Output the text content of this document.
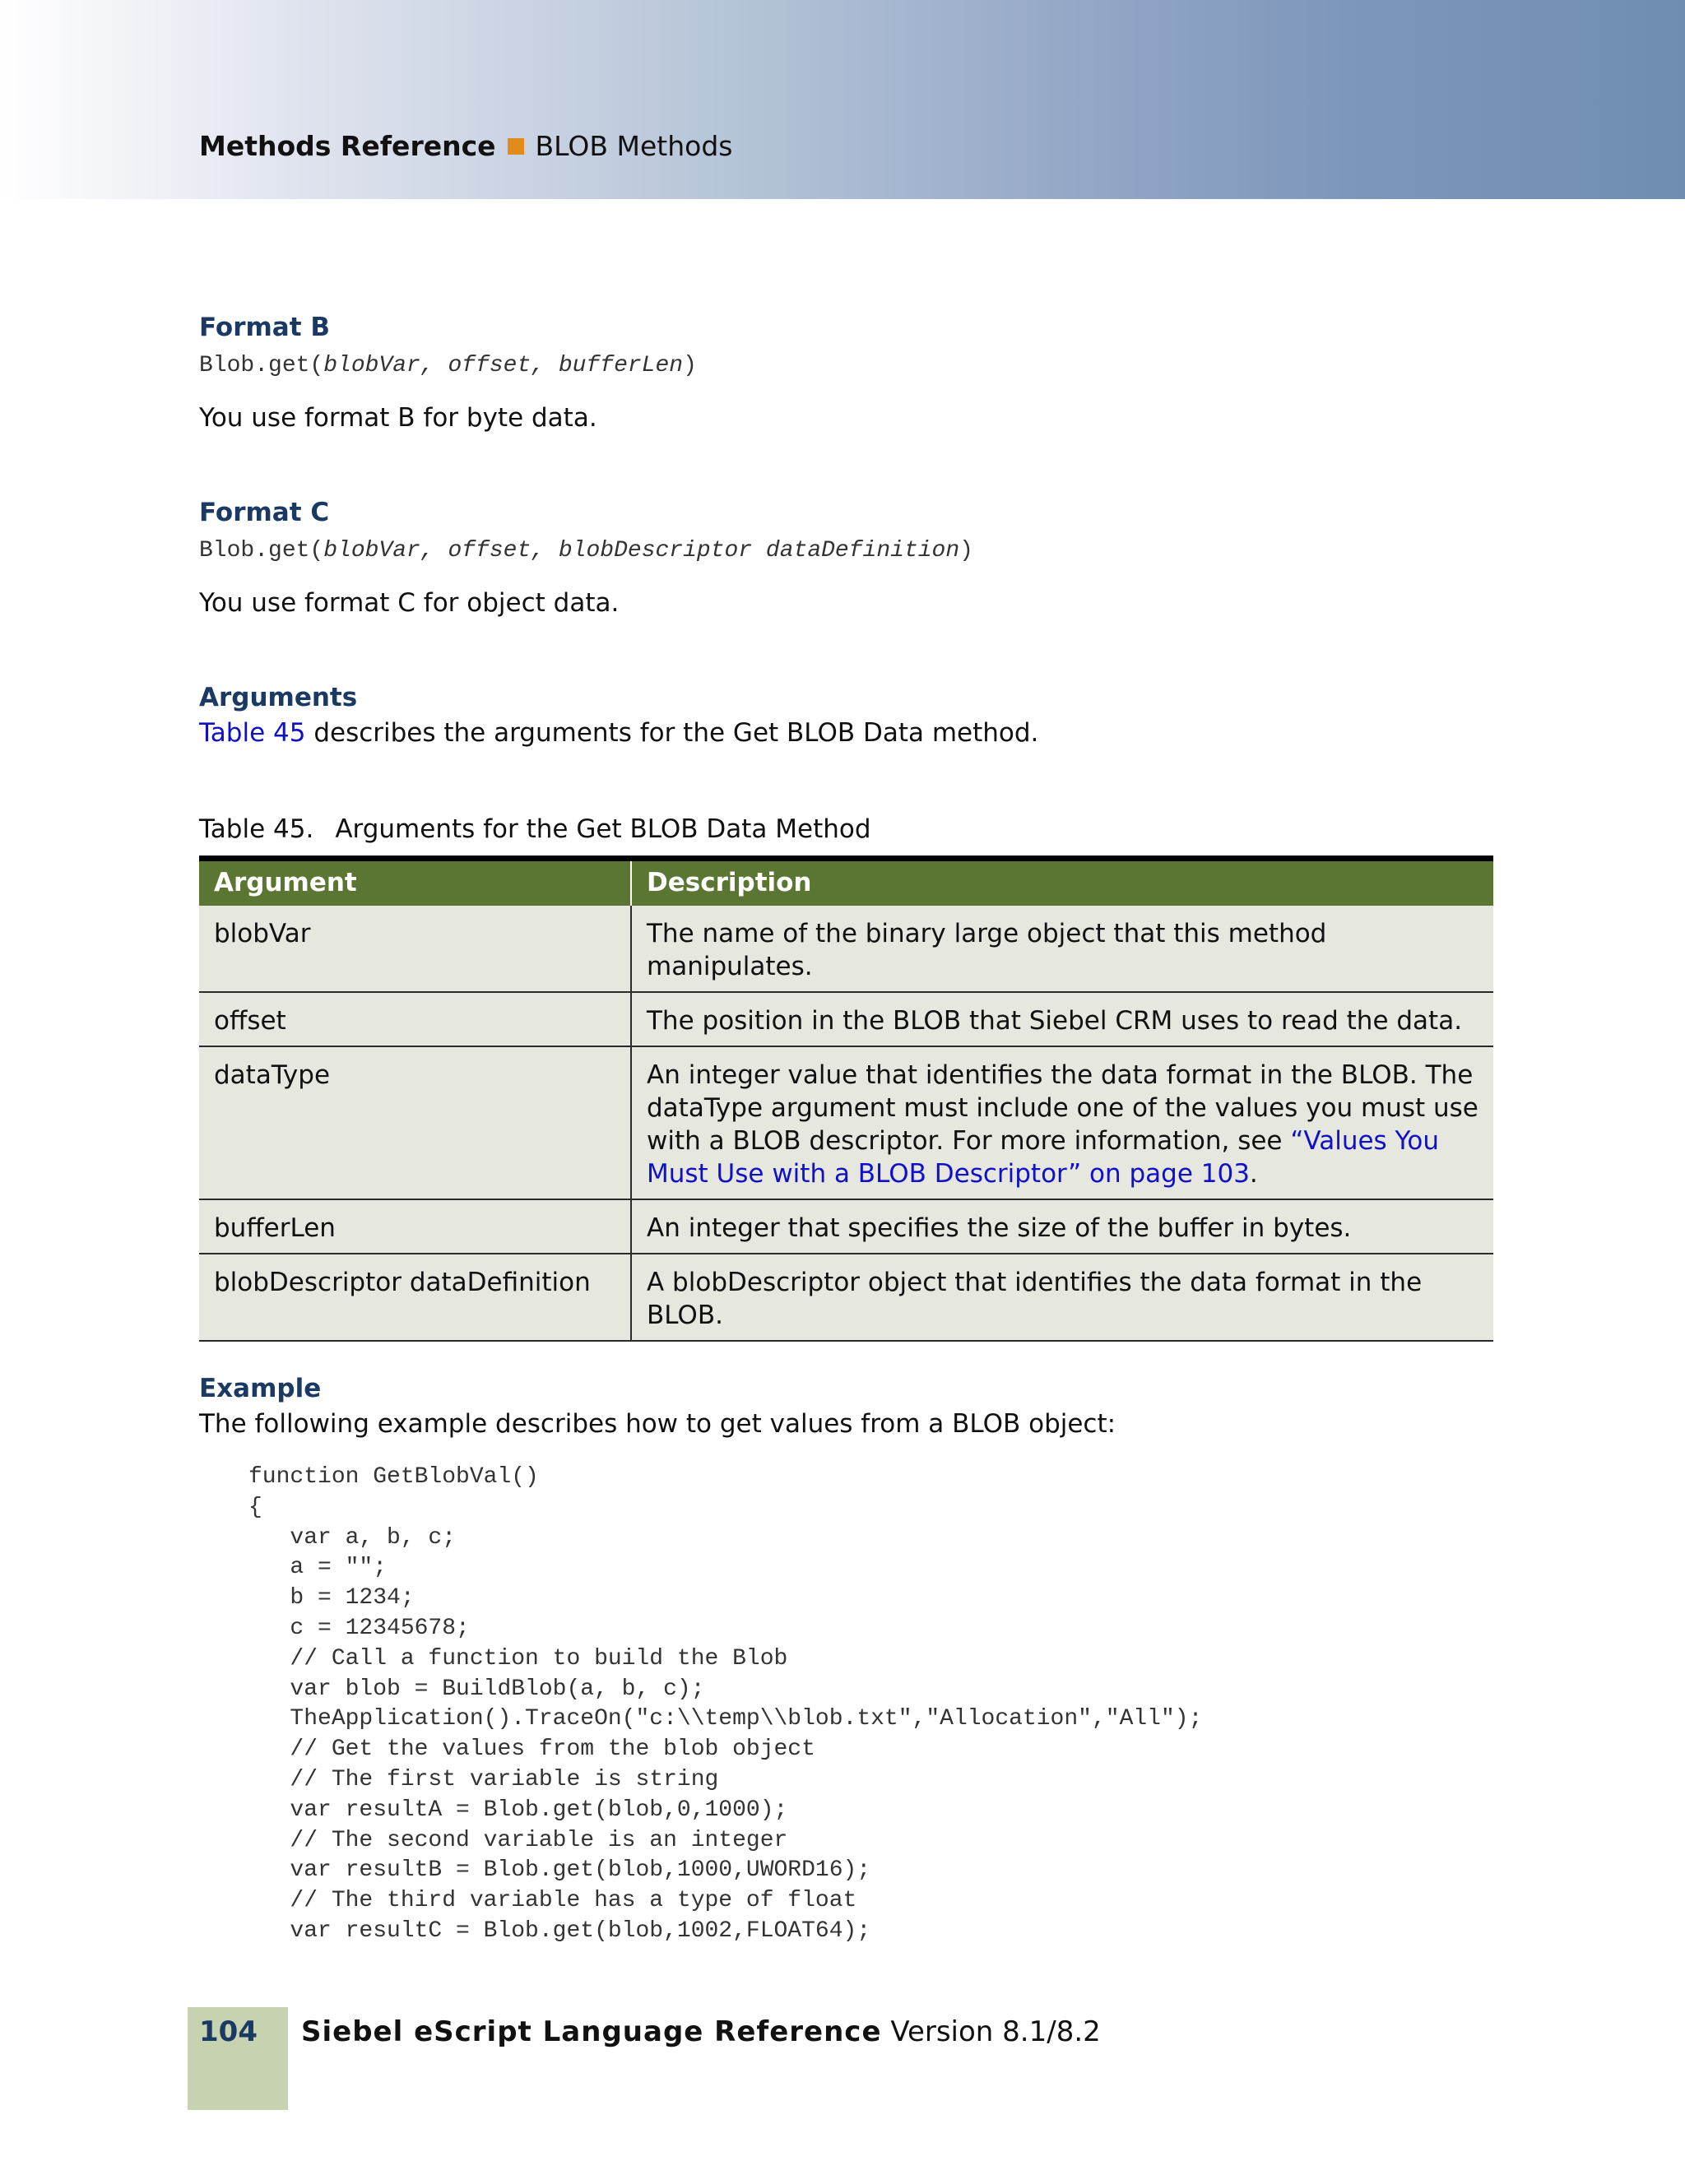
Methods Reference BLOB Methods
Format B
Blob.get(blobVar, offset, bufferLen)
You use format B for byte data.
Format C
Blob.get(blobVar, offset, blobDescriptor dataDefinition)
You use format C for object data.
Arguments
Table 45 describes the arguments for the Get BLOB Data method.
Table 45. Arguments for the Get BLOB Data Method
Argument	Description
blobVar	The name of the binary large object that this method manipulates.
offset	The position in the BLOB that Siebel CRM uses to read the data.
dataType	An integer value that identifies the data format in the BLOB. The dataType argument must include one of the values you must use with a BLOB descriptor. For more information, see “Values You Must Use with a BLOB Descriptor” on page 103.
bufferLen	An integer that specifies the size of the buffer in bytes.
blobDescriptor dataDefinition	A blobDescriptor object that identifies the data format in the BLOB.
Example
The following example describes how to get values from a BLOB object:
function GetBlobVal()
{
var a, b, c;
a = "";
b = 1234;
c = 12345678;
// Call a function to build the Blob
var blob = BuildBlob(a, b, c);
TheApplication().TraceOn("c:\\temp\\blob.txt","Allocation","All");
// Get the values from the blob object
// The first variable is string
var resultA = Blob.get(blob,0,1000);
// The second variable is an integer
var resultB = Blob.get(blob,1000,UWORD16);
// The third variable has a type of float
var resultC = Blob.get(blob,1002,FLOAT64);
104 Siebel eScript Language Reference Version 8.1/8.2
